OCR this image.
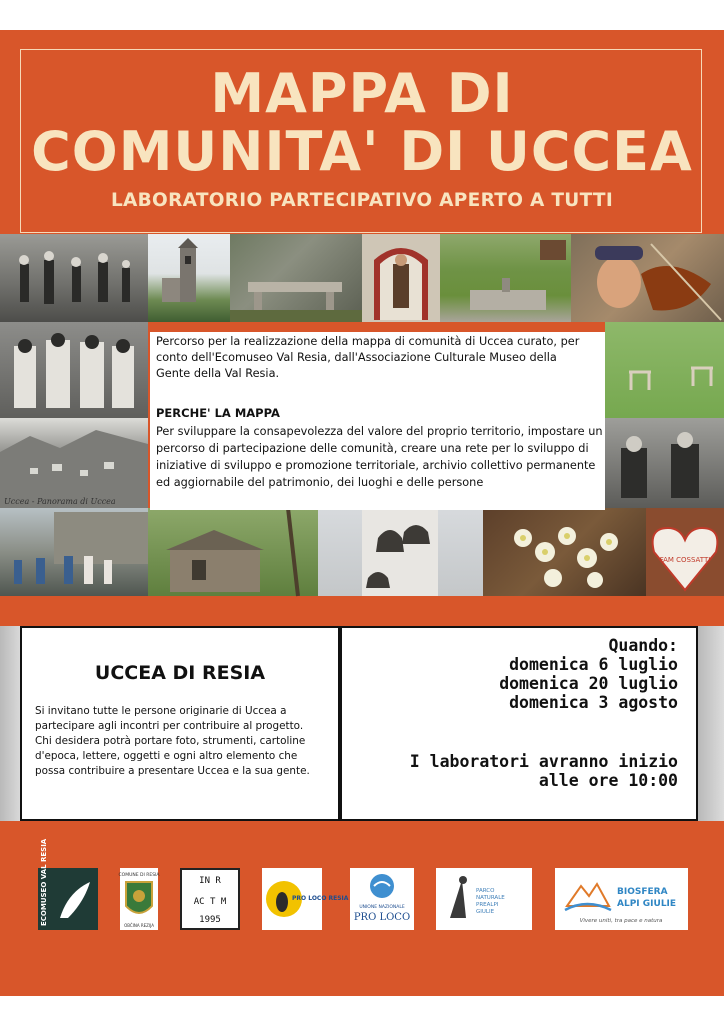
MAPPA DI
COMUNITA' DI UCCEA
LABORATORIO PARTECIPATIVO APERTO A TUTTI
Uccea - Panorama di Uccea
FAM COSSATTI
Percorso per la realizzazione della mappa di comunità di Uccea curato, per
conto dell'Ecomuseo Val Resia, dall'Associazione Culturale Museo della
Gente della Val Resia.
PERCHE' LA MAPPA
Per sviluppare la consapevolezza del valore del proprio territorio, impostare un
percorso di partecipazione delle comunità, creare una rete per lo sviluppo di
iniziative di sviluppo e promozione territoriale, archivio collettivo permanente
ed aggiornabile del patrimonio, dei luoghi e delle persone
UCCEA DI RESIA
Si invitano tutte le persone originarie di Uccea a
partecipare agli incontri per contribuire al progetto.
Chi desidera potrà portare foto, strumenti, cartoline
d'epoca, lettere, oggetti e ogni altro elemento che
possa contribuire a presentare Uccea e la sua gente.
Quando:
domenica 6 luglio
domenica 20 luglio
domenica 3 agosto
I laboratori avranno inizio
alle ore 10:00
ECOMUSEO VAL RESIA	COMUNE DI RESIA
OBČINA REZIJA
IN R
AC T M
1995
PRO LOCO RESIA
UNIONE NAZIONALE
PRO LOCO
PARCO
NATURALE
PREALPI
GIULIE
BIOSFERA
ALPI GIULIE
Vivere uniti, tra pace e natura
